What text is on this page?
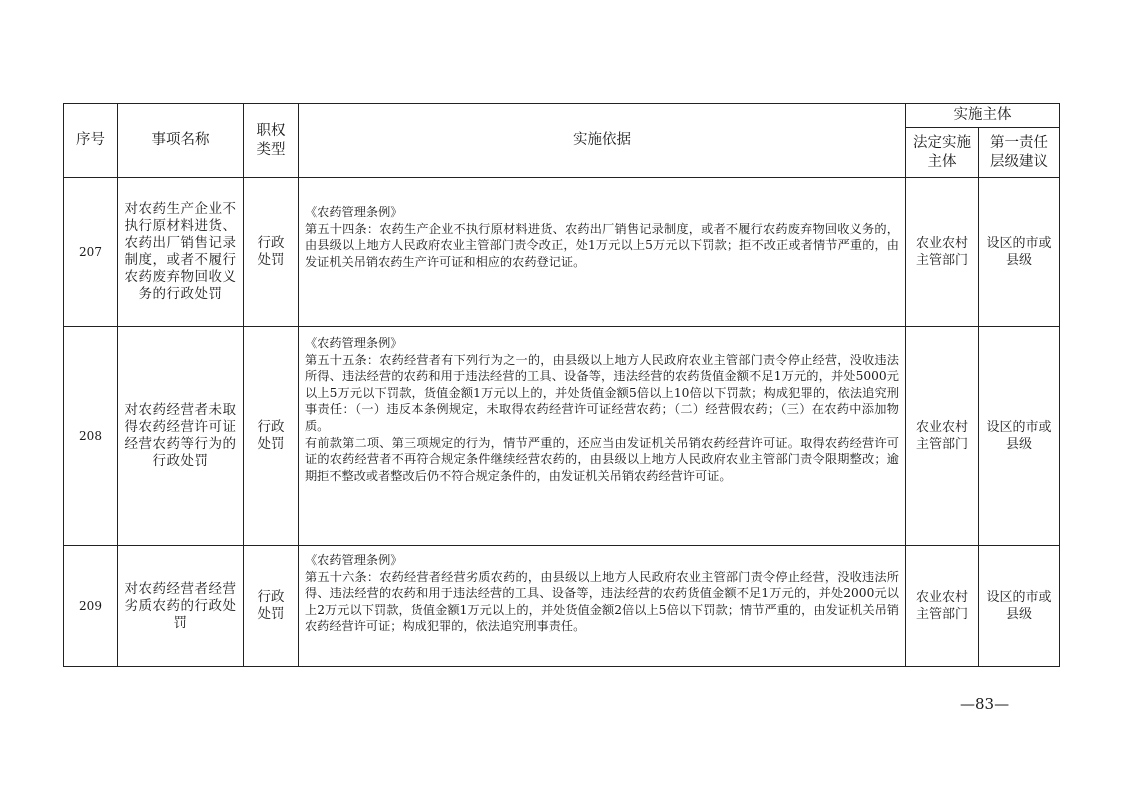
序号	事项名称	职权类型	实施依据	实施主体	
				法定实施主体	第一责任层级建议
207	对农药生产企业不执行原材料进货、农药出厂销售记录制度，或者不履行农药废弃物回收义务的行政处罚	行政处罚	《农药管理条例》

第五十四条：农药生产企业不执行原材料进货、农药出厂销售记录制度，或者不履行农药废弃物回收义务的，由县级以上地方人民政府农业主管部门责令改正，处1万元以上5万元以下罚款；拒不改正或者情节严重的，由发证机关吊销农药生产许可证和相应的农药登记证。	农业农村主管部门	设区的市或县级
208	对农药经营者未取得农药经营许可证经营农药等行为的行政处罚	行政处罚	《农药管理条例》

第五十五条：农药经营者有下列行为之一的，由县级以上地方人民政府农业主管部门责令停止经营，没收违法所得、违法经营的农药和用于违法经营的工具、设备等，违法经营的农药货值金额不足1万元的，并处5000元以上5万元以下罚款，货值金额1万元以上的，并处货值金额5倍以上10倍以下罚款；构成犯罪的，依法追究刑事责任：（一）违反本条例规定，未取得农药经营许可证经营农药；（二）经营假农药；（三）在农药中添加物质。

有前款第二项、第三项规定的行为，情节严重的，还应当由发证机关吊销农药经营许可证。取得农药经营许可证的农药经营者不再符合规定条件继续经营农药的，由县级以上地方人民政府农业主管部门责令限期整改；逾期拒不整改或者整改后仍不符合规定条件的，由发证机关吊销农药经营许可证。	农业农村主管部门	设区的市或县级
209	对农药经营者经营劣质农药的行政处罚	行政处罚	《农药管理条例》

第五十六条：农药经营者经营劣质农药的，由县级以上地方人民政府农业主管部门责令停止经营，没收违法所得、违法经营的农药和用于违法经营的工具、设备等，违法经营的农药货值金额不足1万元的，并处2000元以上2万元以下罚款，货值金额1万元以上的，并处货值金额2倍以上5倍以下罚款；情节严重的，由发证机关吊销农药经营许可证；构成犯罪的，依法追究刑事责任。	农业农村主管部门	设区的市或县级
—83—
